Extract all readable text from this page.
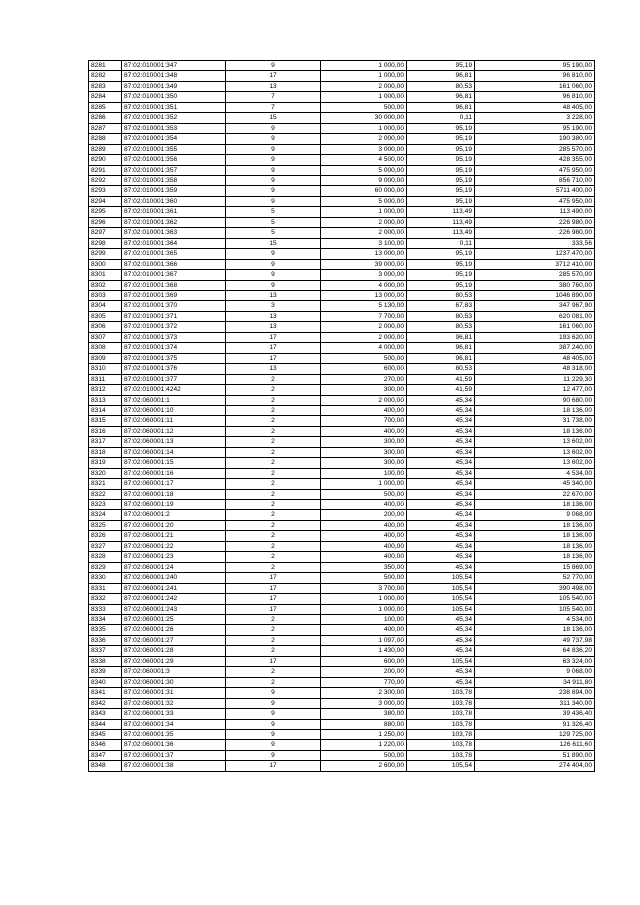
8281	87:02:010001:347	9	1 000,00	95,19	95 190,00
8282	87:02:010001:348	17	1 000,00	96,81	96 810,00
8283	87:02:010001:349	13	2 000,00	80,53	161 060,00
8284	87:02:010001:350	7	1 000,00	96,81	96 810,00
8285	87:02:010001:351	7	500,00	96,81	48 405,00
8286	87:02:010001:352	15	30 000,00	0,11	3 228,00
8287	87:02:010001:353	9	1 000,00	95,19	95 190,00
8288	87:02:010001:354	9	2 000,00	95,19	190 380,00
8289	87:02:010001:355	9	3 000,00	95,19	285 570,00
8290	87:02:010001:356	9	4 500,00	95,19	428 355,00
8291	87:02:010001:357	9	5 000,00	95,19	475 950,00
8292	87:02:010001:358	9	9 000,00	95,19	856 710,00
8293	87:02:010001:359	9	60 000,00	95,19	5711 400,00
8294	87:02:010001:360	9	5 000,00	95,19	475 950,00
8295	87:02:010001:361	5	1 000,00	113,49	113 490,00
8296	87:02:010001:362	5	2 000,00	113,49	226 980,00
8297	87:02:010001:363	5	2 000,00	113,49	226 980,00
8298	87:02:010001:364	15	3 100,00	0,11	333,56
8299	87:02:010001:365	9	13 000,00	95,19	1237 470,00
8300	87:02:010001:366	9	39 000,00	95,19	3712 410,00
8301	87:02:010001:367	9	3 000,00	95,19	285 570,00
8302	87:02:010001:368	9	4 000,00	95,19	380 760,00
8303	87:02:010001:369	13	13 000,00	80,53	1046 890,00
8304	87:02:010001:370	3	5 130,00	67,83	347 967,90
8305	87:02:010001:371	13	7 700,00	80,53	620 081,00
8306	87:02:010001:372	13	2 000,00	80,53	161 060,00
8307	87:02:010001:373	17	2 000,00	96,81	193 620,00
8308	87:02:010001:374	17	4 000,00	96,81	387 240,00
8309	87:02:010001:375	17	500,00	96,81	48 405,00
8310	87:02:010001:376	13	600,00	80,53	48 318,00
8311	87:02:010001:377	2	270,00	41,59	11 229,30
8312	87:02:010001:4242	2	300,00	41,59	12 477,00
8313	87:02:060001:1	2	2 000,00	45,34	90 680,00
8314	87:02:060001:10	2	400,00	45,34	18 136,00
8315	87:02:060001:11	2	700,00	45,34	31 738,00
8316	87:02:060001:12	2	400,00	45,34	18 136,00
8317	87:02:060001:13	2	300,00	45,34	13 602,00
8318	87:02:060001:14	2	300,00	45,34	13 602,00
8319	87:02:060001:15	2	300,00	45,34	13 602,00
8320	87:02:060001:16	2	100,00	45,34	4 534,00
8321	87:02:060001:17	2	1 000,00	45,34	45 340,00
8322	87:02:060001:18	2	500,00	45,34	22 670,00
8323	87:02:060001:19	2	400,00	45,34	18 136,00
8324	87:02:060001:2	2	200,00	45,34	9 068,00
8325	87:02:060001:20	2	400,00	45,34	18 136,00
8326	87:02:060001:21	2	400,00	45,34	18 136,00
8327	87:02:060001:22	2	400,00	45,34	18 136,00
8328	87:02:060001:23	2	400,00	45,34	18 136,00
8329	87:02:060001:24	2	350,00	45,34	15 869,00
8330	87:02:060001:240	17	500,00	105,54	52 770,00
8331	87:02:060001:241	17	3 700,00	105,54	390 498,00
8332	87:02:060001:242	17	1 000,00	105,54	105 540,00
8333	87:02:060001:243	17	1 000,00	105,54	105 540,00
8334	87:02:060001:25	2	100,00	45,34	4 534,00
8335	87:02:060001:26	2	400,00	45,34	18 136,00
8336	87:02:060001:27	2	1 097,00	45,34	49 737,98
8337	87:02:060001:28	2	1 430,00	45,34	64 836,20
8338	87:02:060001:29	17	600,00	105,54	63 324,00
8339	87:02:060001:3	2	200,00	45,34	9 068,00
8340	87:02:060001:30	2	770,00	45,34	34 911,80
8341	87:02:060001:31	9	2 300,00	103,78	238 694,00
8342	87:02:060001:32	9	3 000,00	103,78	311 340,00
8343	87:02:060001:33	9	380,00	103,78	39 436,40
8344	87:02:060001:34	9	880,00	103,78	91 326,40
8345	87:02:060001:35	9	1 250,00	103,78	129 725,00
8346	87:02:060001:36	9	1 220,00	103,78	126 611,60
8347	87:02:060001:37	9	500,00	103,78	51 890,00
8348	87:02:060001:38	17	2 600,00	105,54	274 404,00
